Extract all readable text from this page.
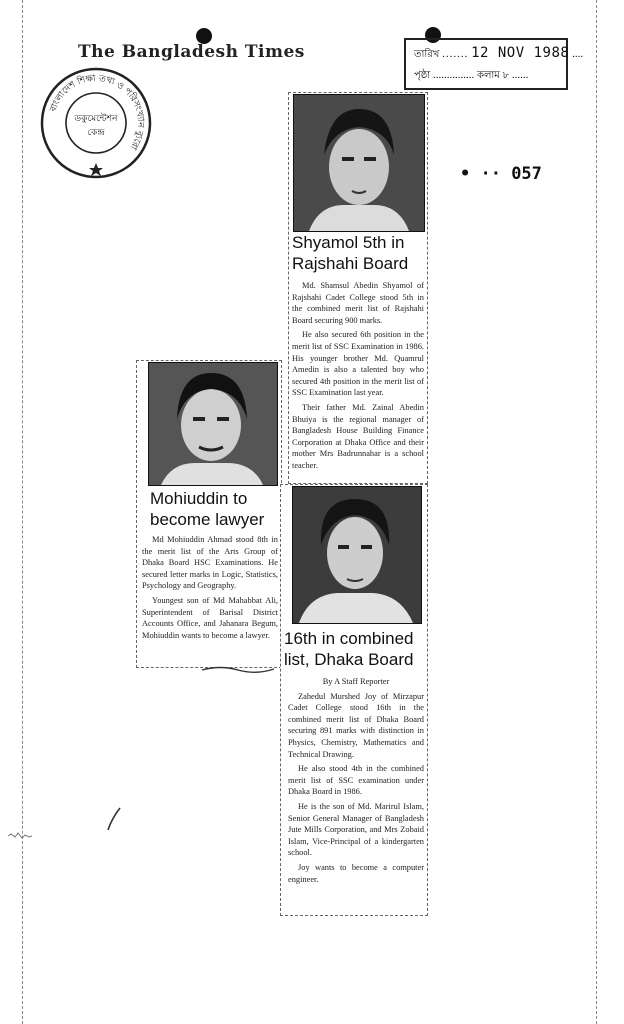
The Bangladesh Times
বাংলাদেশ শিক্ষা তথ্য ও পরিসংখ্যান ব্যুরো
ডকুমেন্টেশন
কেন্দ্র
তারিখ ....... 12 NOV 1988 ....
পৃষ্ঠা ............... কলাম ৮ ......
• ·· 057
Shyamol 5th in
Rajshahi Board

Md. Shamsul Abedin Shyamol of Rajshahi Cadet College stood 5th in the combined merit list of Rajshahi Board securing 900 marks.

He also secured 6th position in the merit list of SSC Examination in 1986. His younger brother Md. Quamrul Amedin is also a talented boy who secured 4th position in the merit list of SSC Examination last year.

Their father Md. Zainal Abedin Bhuiya is the regional manager of Bangladesh House Building Finance Corporation at Dhaka Office and their mother Mrs Badrunnahar is a school teacher.

Mohiuddin to
become lawyer

Md Mohiuddin Ahmad stood 8th in the merit list of the Arts Group of Dhaka Board HSC Examinations. He secured letter marks in Logic, Statistics, Psychology and Geography.

Youngest son of Md Mahabbat Ali, Superintendent of Barisal District Accounts Office, and Jahanara Begum, Mohiuddin wants to become a lawyer. 16th in combined
list, Dhaka Board
By A Staff Reporter

Zahedul Murshed Joy of Mirzapur Cadet College stood 16th in the combined merit list of Dhaka Board securing 891 marks with distinction in Physics, Chemistry, Mathematics and Technical Drawing.

He also stood 4th in the combined merit list of SSC examination under Dhaka Board in 1986.

He is the son of Md. Marirul Islam, Senior General Manager of Bangladesh Jute Mills Corporation, and Mrs Zobaid Islam, Vice-Principal of a kindergarten school.

Joy wants to become a computer engineer.
